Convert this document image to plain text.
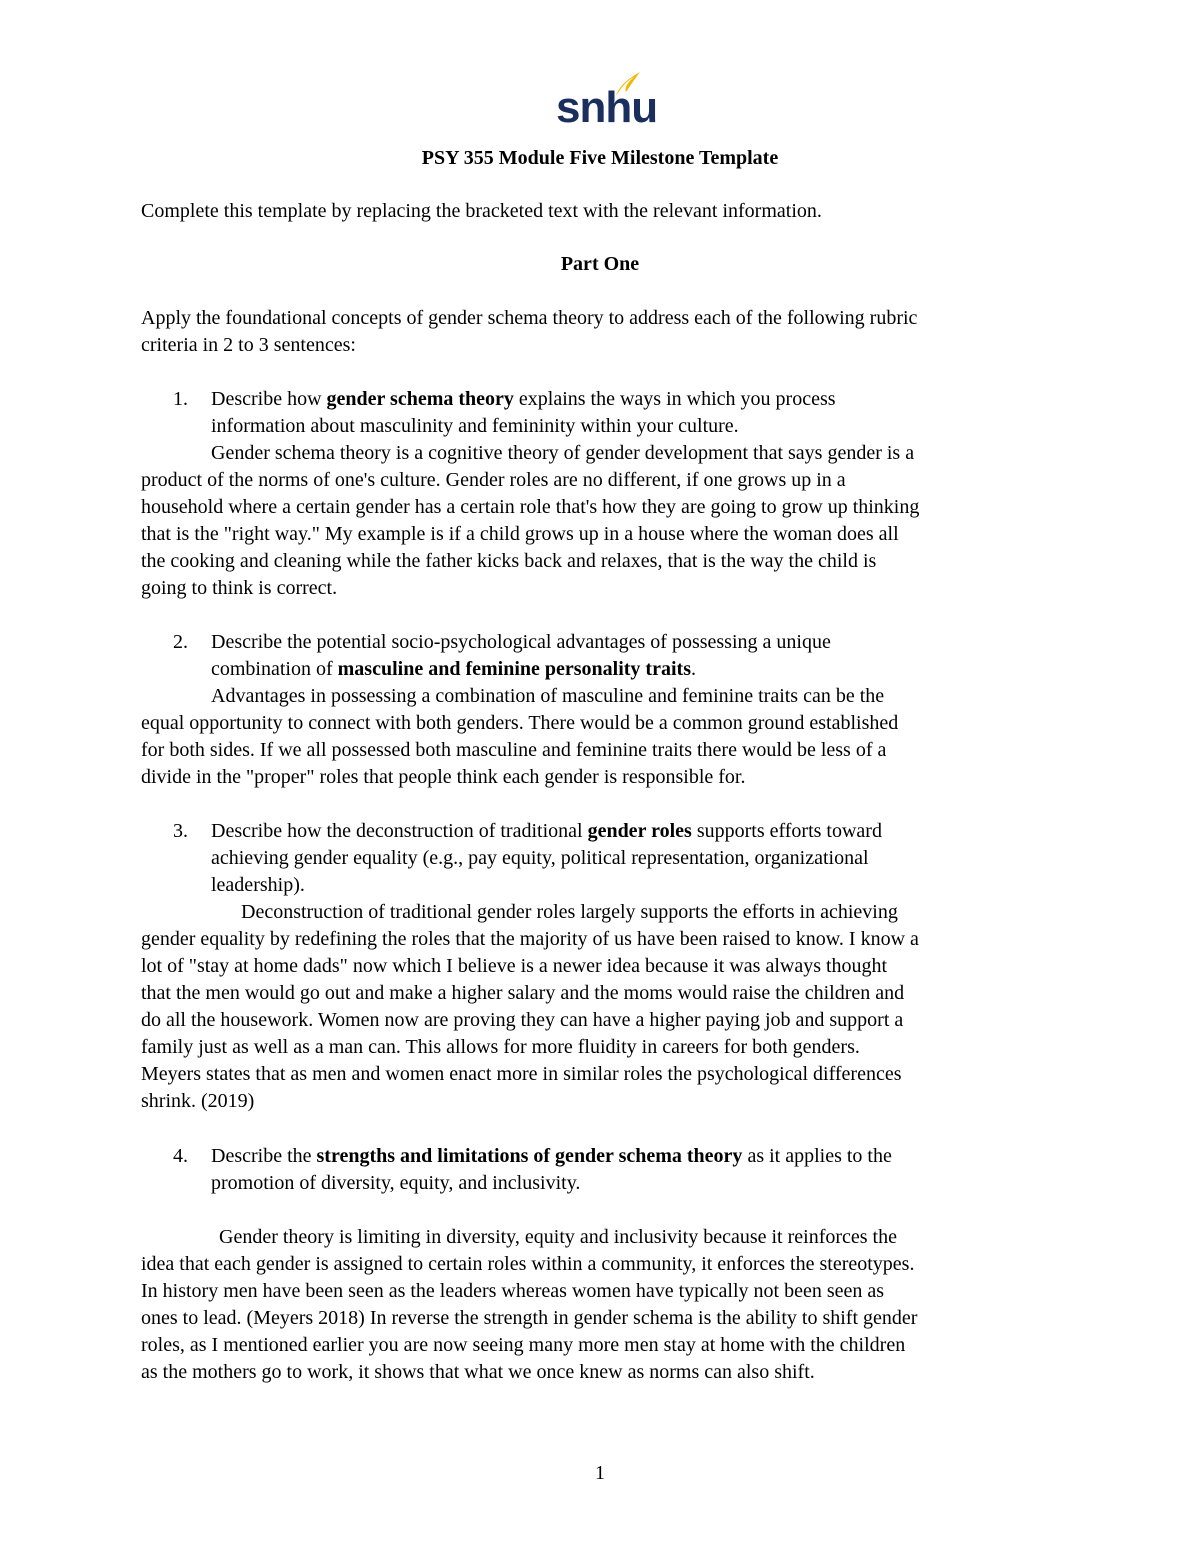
snhu
PSY 355 Module Five Milestone Template
Complete this template by replacing the bracketed text with the relevant information.
Part One
Apply the foundational concepts of gender schema theory to address each of the following rubric
criteria in 2 to 3 sentences:
1.	Describe how gender schema theory explains the ways in which you process
information about masculinity and femininity within your culture.
Gender schema theory is a cognitive theory of gender development that says gender is a
product of the norms of one's culture. Gender roles are no different, if one grows up in a
household where a certain gender has a certain role that's how they are going to grow up thinking
that is the "right way." My example is if a child grows up in a house where the woman does all
the cooking and cleaning while the father kicks back and relaxes, that is the way the child is
going to think is correct.
2.	Describe the potential socio-psychological advantages of possessing a unique
combination of masculine and feminine personality traits.
Advantages in possessing a combination of masculine and feminine traits can be the
equal opportunity to connect with both genders. There would be a common ground established
for both sides. If we all possessed both masculine and feminine traits there would be less of a
divide in the "proper" roles that people think each gender is responsible for.
3.	Describe how the deconstruction of traditional gender roles supports efforts toward
achieving gender equality (e.g., pay equity, political representation, organizational
leadership).
Deconstruction of traditional gender roles largely supports the efforts in achieving
gender equality by redefining the roles that the majority of us have been raised to know. I know a
lot of "stay at home dads" now which I believe is a newer idea because it was always thought
that the men would go out and make a higher salary and the moms would raise the children and
do all the housework. Women now are proving they can have a higher paying job and support a
family just as well as a man can. This allows for more fluidity in careers for both genders.
Meyers states that as men and women enact more in similar roles the psychological differences
shrink. (2019)
4.	Describe the strengths and limitations of gender schema theory as it applies to the
promotion of diversity, equity, and inclusivity.
Gender theory is limiting in diversity, equity and inclusivity because it reinforces the
idea that each gender is assigned to certain roles within a community, it enforces the stereotypes.
In history men have been seen as the leaders whereas women have typically not been seen as
ones to lead. (Meyers 2018) In reverse the strength in gender schema is the ability to shift gender
roles, as I mentioned earlier you are now seeing many more men stay at home with the children
as the mothers go to work, it shows that what we once knew as norms can also shift.
1
